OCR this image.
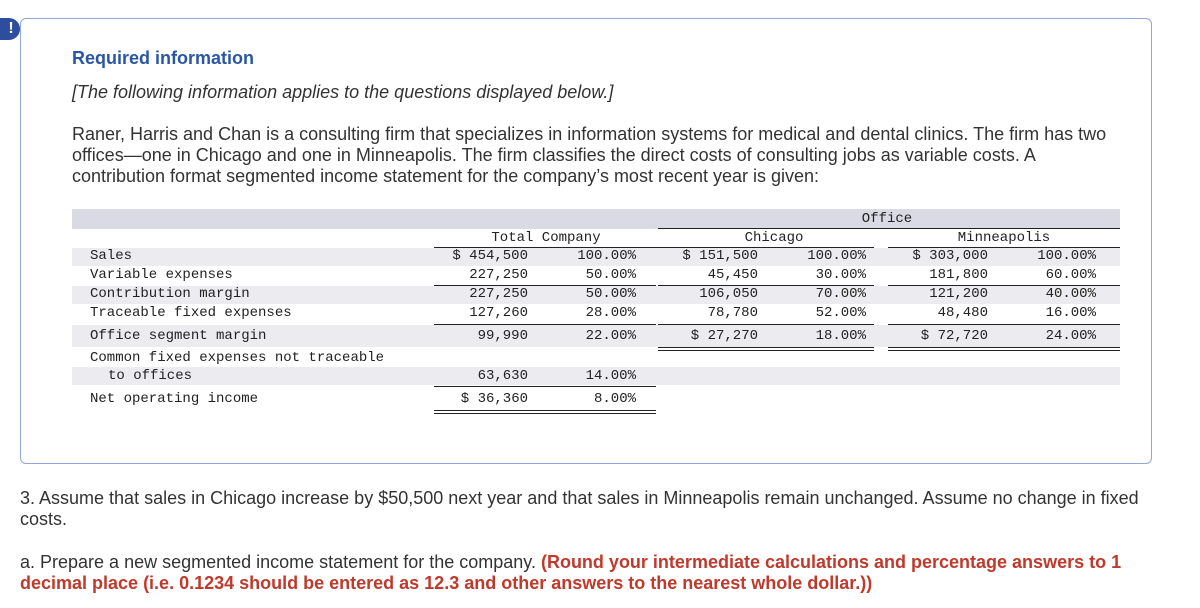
!
Required information
[The following information applies to the questions displayed below.]
Raner, Harris and Chan is a consulting firm that specializes in information systems for medical and dental clinics. The firm has two offices—one in Chicago and one in Minneapolis. The firm classifies the direct costs of consulting jobs as variable costs. A contribution format segmented income statement for the company’s most recent year is given:
Office
Total Company	Chicago	Minneapolis
Sales	$ 454,500	100.00%	$ 151,500	100.00%	$ 303,000	100.00%
Variable expenses	227,250	50.00%	45,450	30.00%	181,800	60.00%
Contribution margin	227,250	50.00%	106,050	70.00%	121,200	40.00%
Traceable fixed expenses	127,260	28.00%	78,780	52.00%	48,480	16.00%
Office segment margin	99,990	22.00%	$ 27,270	18.00%	$ 72,720	24.00%
Common fixed expenses not traceable
to offices	63,630	14.00%
Net operating income	$ 36,360	8.00%
3. Assume that sales in Chicago increase by $50,500 next year and that sales in Minneapolis remain unchanged. Assume no change in fixed costs.
a. Prepare a new segmented income statement for the company. (Round your intermediate calculations and percentage answers to 1 decimal place (i.e. 0.1234 should be entered as 12.3 and other answers to the nearest whole dollar.))
